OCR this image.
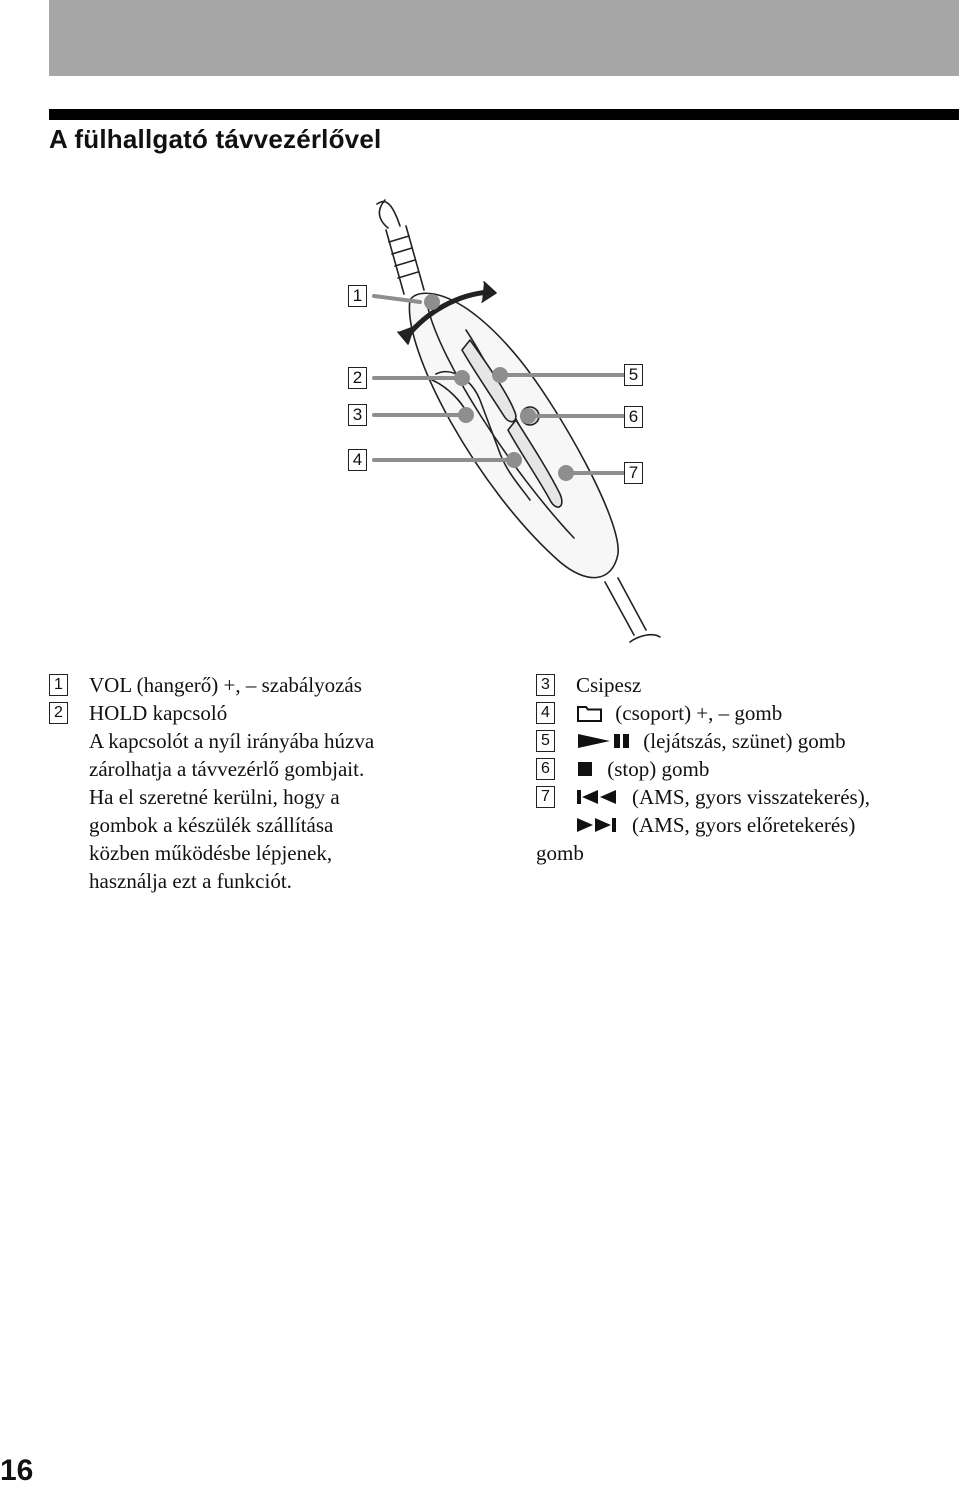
A fülhallgató távvezérlővel
1
2
3
4
5
6
7
1 VOL (hangerő) +, – szabályozás
2 HOLD kapcsoló
A kapcsolót a nyíl irányába húzva
zárolhatja a távvezérlő gombjait.
Ha el szeretné kerülni, hogy a
gombok a készülék szállítása
közben működésbe lépjenek,
használja ezt a funkciót.
3 Csipesz
4	(csoport) +, – gomb
5	(lejátszás, szünet) gomb
6	(stop) gomb
7	(AMS, gyors visszatekerés),
(AMS, gyors előretekerés)
gomb
16
